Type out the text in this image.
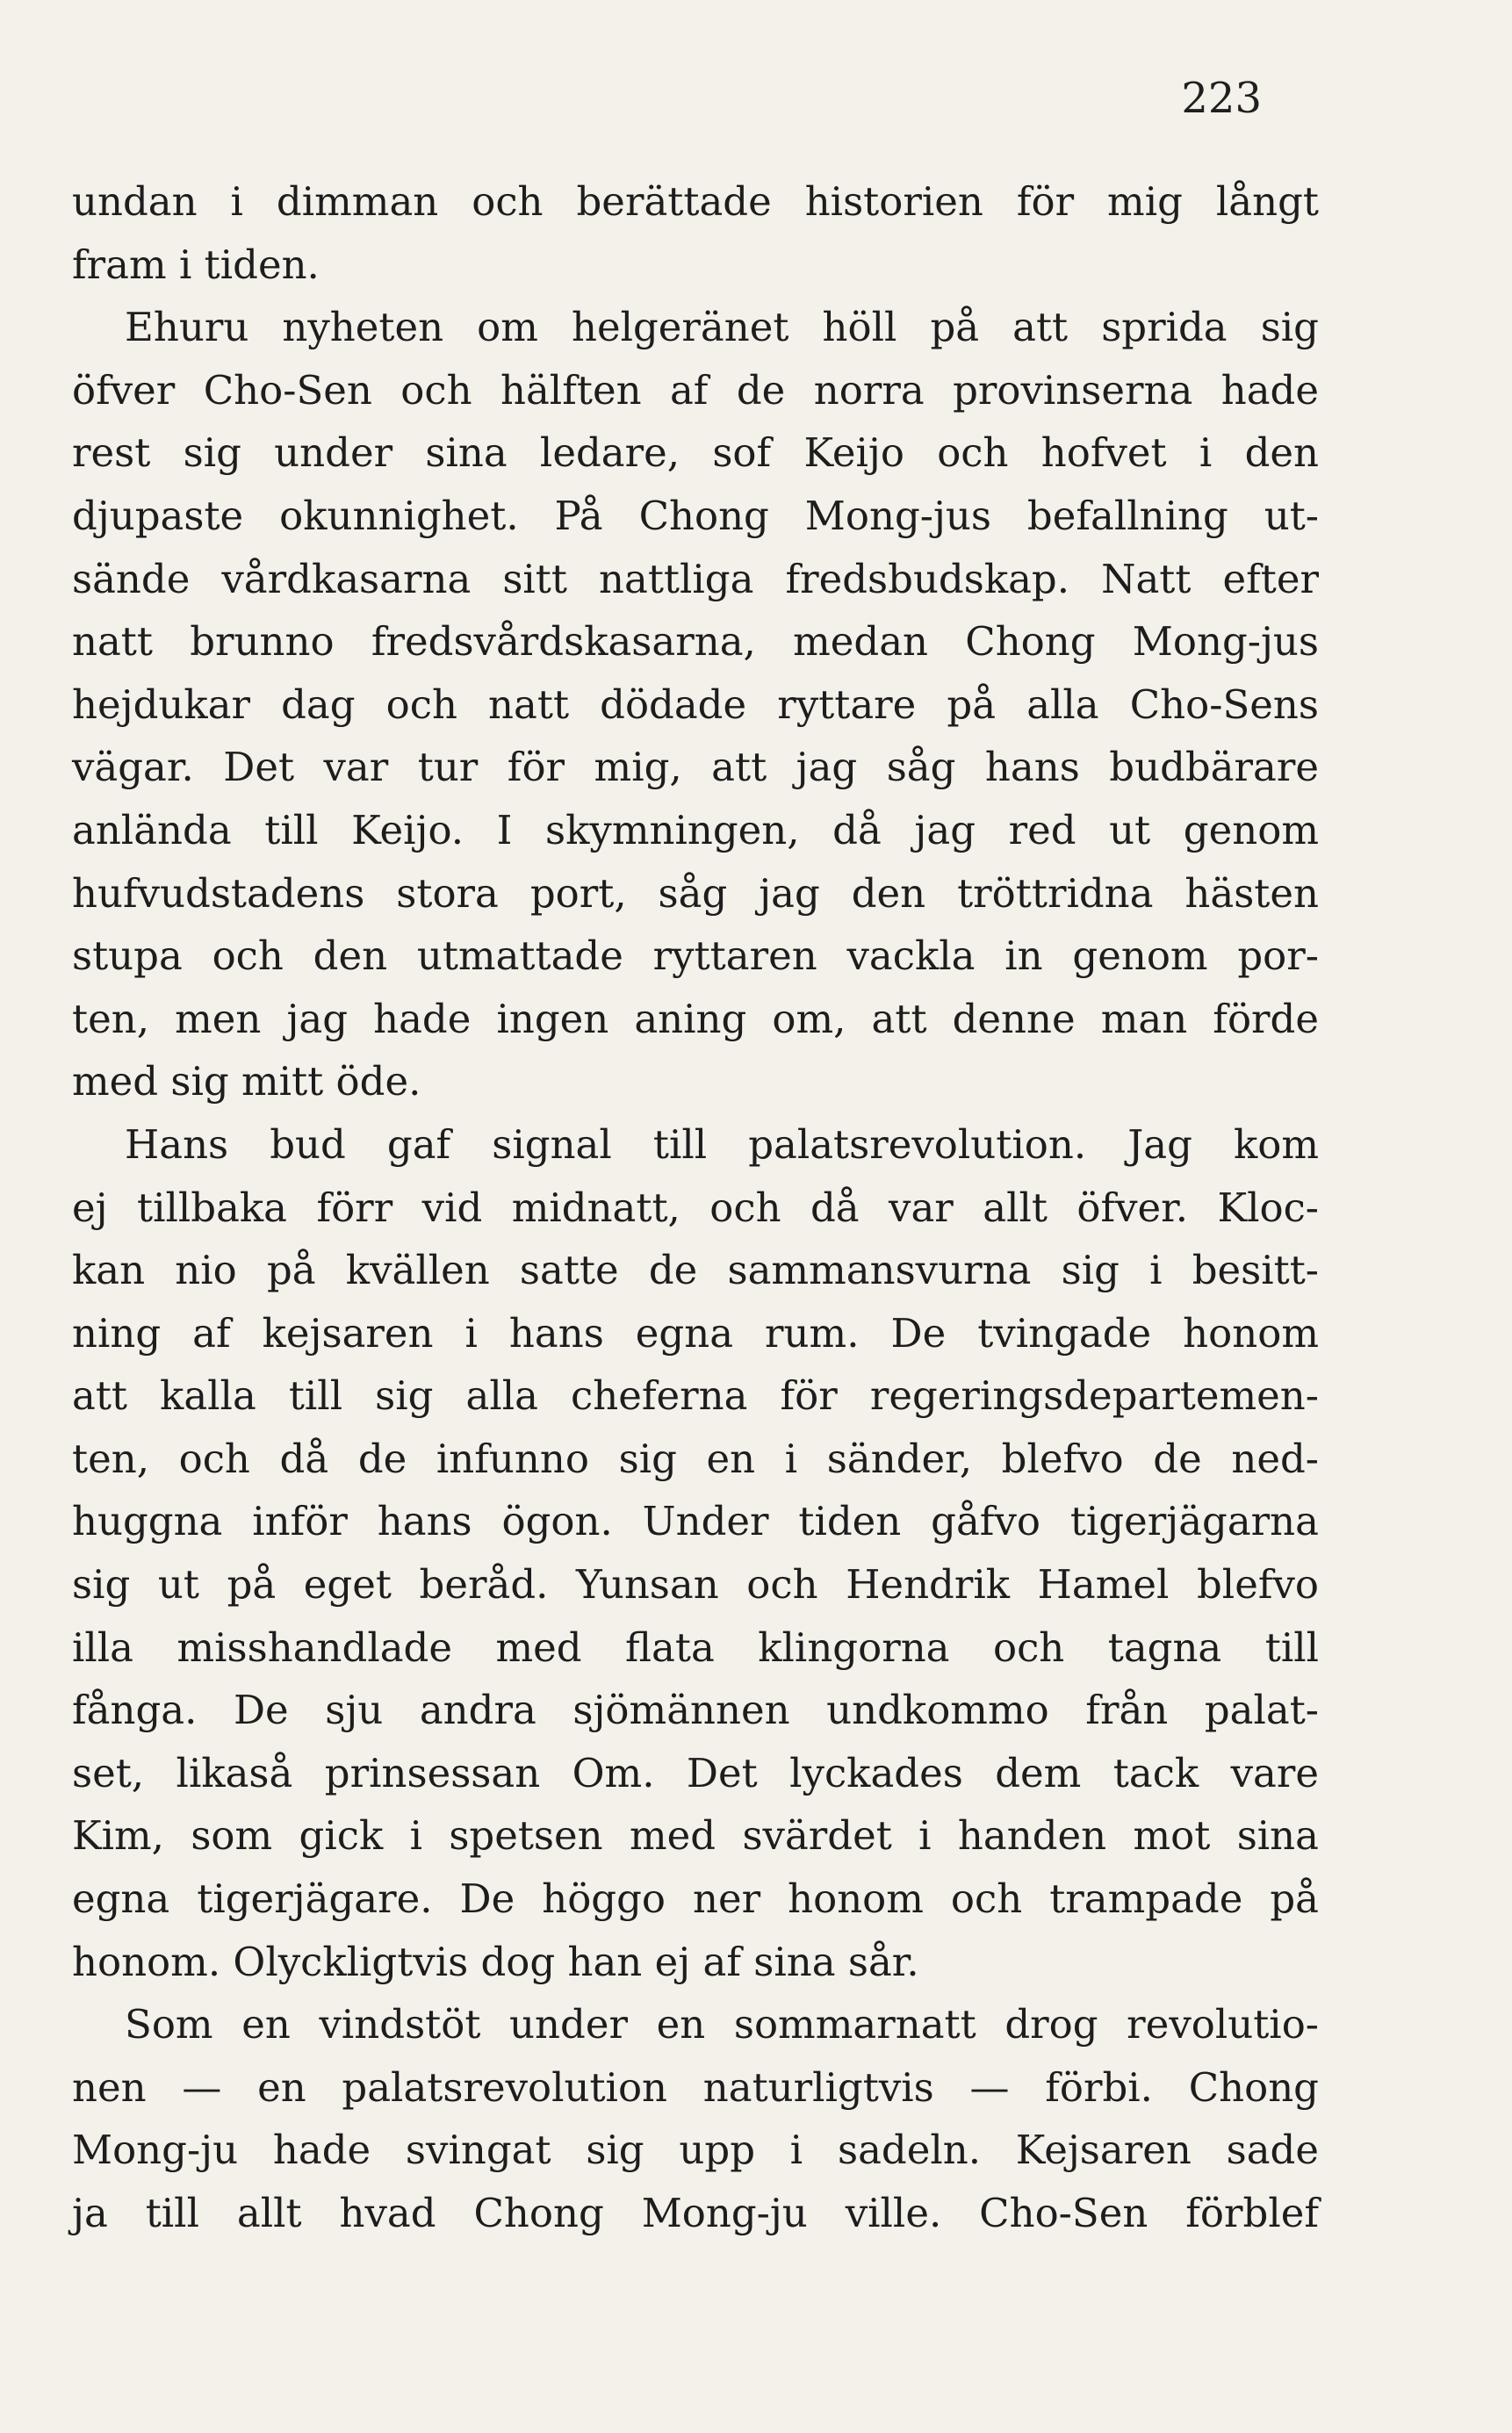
223
undan i dimman och berättade historien för mig långt
fram i tiden.
Ehuru nyheten om helgeränet höll på att sprida sig
öfver Cho-Sen och hälften af de norra provinserna hade
rest sig under sina ledare, sof Keijo och hofvet i den
djupaste okunnighet. På Chong Mong-jus befallning ut-
sände vårdkasarna sitt nattliga fredsbudskap. Natt efter
natt brunno fredsvårdskasarna, medan Chong Mong-jus
hejdukar dag och natt dödade ryttare på alla Cho-Sens
vägar. Det var tur för mig, att jag såg hans budbärare
anlända till Keijo. I skymningen, då jag red ut genom
hufvudstadens stora port, såg jag den tröttridna hästen
stupa och den utmattade ryttaren vackla in genom por-
ten, men jag hade ingen aning om, att denne man förde
med sig mitt öde.
Hans bud gaf signal till palatsrevolution. Jag kom
ej tillbaka förr vid midnatt, och då var allt öfver. Kloc-
kan nio på kvällen satte de sammansvurna sig i besitt-
ning af kejsaren i hans egna rum. De tvingade honom
att kalla till sig alla cheferna för regeringsdepartemen-
ten, och då de infunno sig en i sänder, blefvo de ned-
huggna inför hans ögon. Under tiden gåfvo tigerjägarna
sig ut på eget beråd. Yunsan och Hendrik Hamel blefvo
illa misshandlade med flata klingorna och tagna till
fånga. De sju andra sjömännen undkommo från palat-
set, likaså prinsessan Om. Det lyckades dem tack vare
Kim, som gick i spetsen med svärdet i handen mot sina
egna tigerjägare. De höggo ner honom och trampade på
honom. Olyckligtvis dog han ej af sina sår.
Som en vindstöt under en sommarnatt drog revolutio-
nen — en palatsrevolution naturligtvis — förbi. Chong
Mong-ju hade svingat sig upp i sadeln. Kejsaren sade
ja till allt hvad Chong Mong-ju ville. Cho-Sen förblef
